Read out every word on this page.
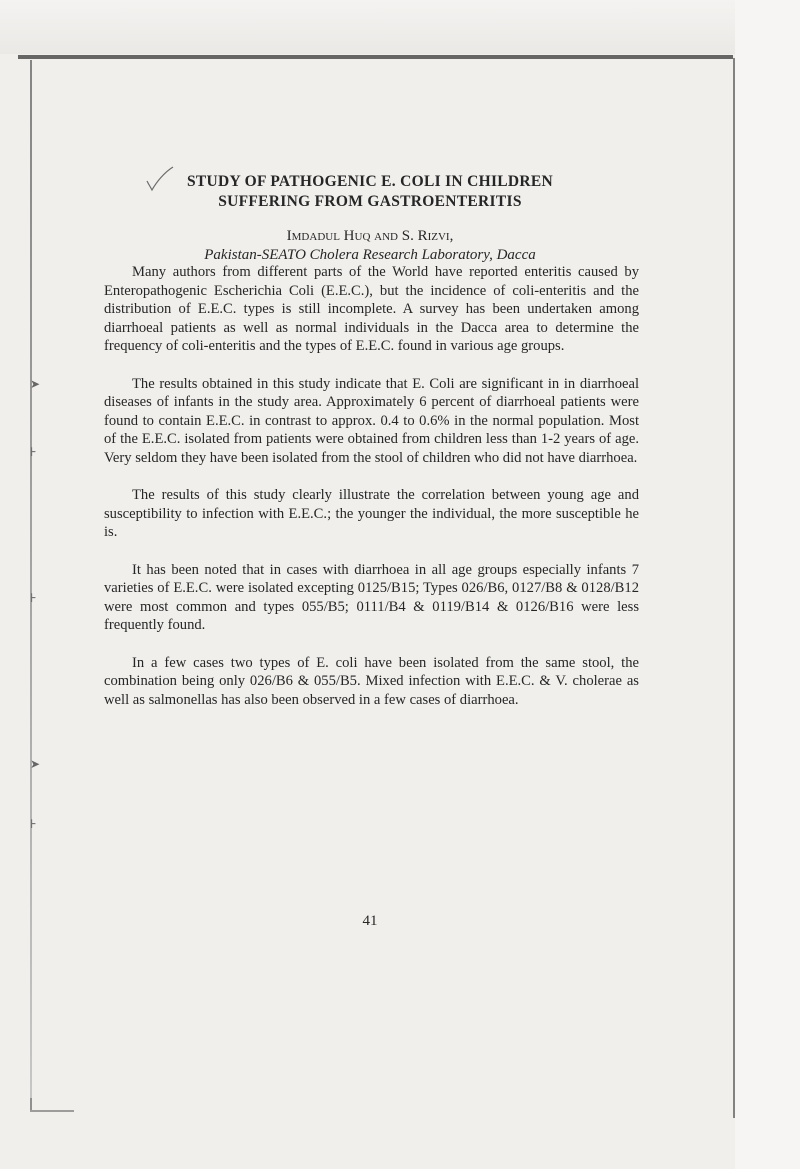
➤
⊦
⊦
➤
⊦
STUDY OF PATHOGENIC E. COLI IN CHILDREN
SUFFERING FROM GASTROENTERITIS
Imdadul Huq and S. Rizvi,
Pakistan-SEATO Cholera Research Laboratory, Dacca

Many authors from different parts of the World have reported enteritis caused by Enteropathogenic Escherichia Coli (E.E.C.), but the incidence of coli-enteritis and the distribution of E.E.C. types is still incomplete. A survey has been undertaken among diarrhoeal patients as well as normal individuals in the Dacca area to determine the frequency of coli-enteritis and the types of E.E.C. found in various age groups.

The results obtained in this study indicate that E. Coli are significant in in diarrhoeal diseases of infants in the study area. Approximately 6 percent of diarrhoeal patients were found to contain E.E.C. in contrast to approx. 0.4 to 0.6% in the normal population. Most of the E.E.C. isolated from patients were obtained from children less than 1-2 years of age. Very seldom they have been isolated from the stool of children who did not have diarrhoea.

The results of this study clearly illustrate the correlation between young age and susceptibility to infection with E.E.C.; the younger the individual, the more susceptible he is.

It has been noted that in cases with diarrhoea in all age groups especially infants 7 varieties of E.E.C. were isolated excepting 0125/B15; Types 026/B6, 0127/B8 & 0128/B12 were most common and types 055/B5; 0111/B4 & 0119/B14 & 0126/B16 were less frequently found.

In a few cases two types of E. coli have been isolated from the same stool, the combination being only 026/B6 & 055/B5. Mixed infection with E.E.C. & V. cholerae as well as salmonellas has also been observed in a few cases of diarrhoea.

41
